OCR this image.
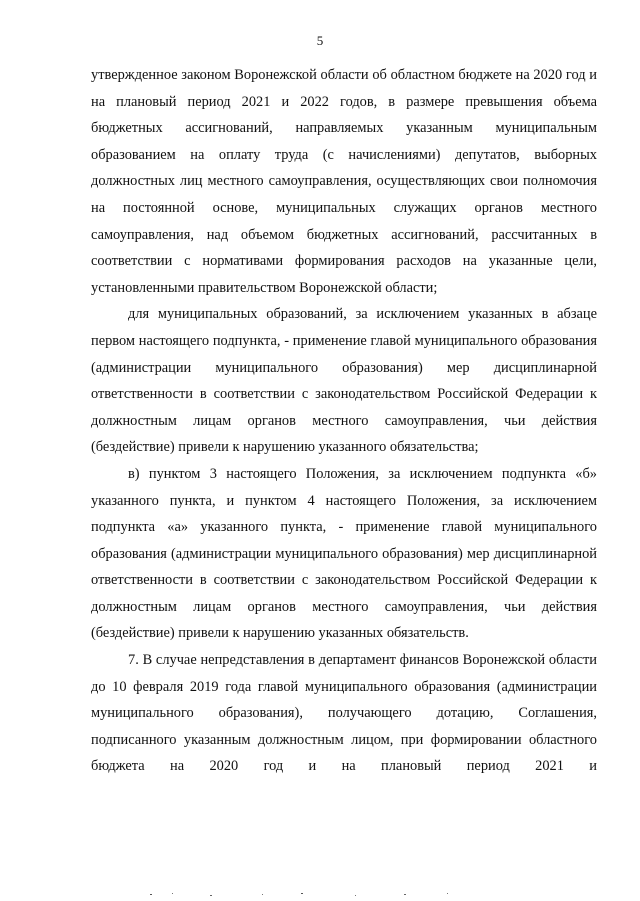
5

утвержденное законом Воронежской области об областном бюджете на 2020 год и на плановый период 2021 и 2022 годов, в размере превышения объема бюджетных ассигнований, направляемых указанным муниципальным образованием на оплату труда (с начислениями) депутатов, выборных должностных лиц местного самоуправления, осуществляющих свои полномочия на постоянной основе, муниципальных служащих органов местного самоуправления, над объемом бюджетных ассигнований, рассчитанных в соответствии с нормативами формирования расходов на указанные цели, установленными правительством Воронежской области;

для муниципальных образований, за исключением указанных в абзаце первом настоящего подпункта, - применение главой муниципального образования (администрации муниципального образования) мер дисциплинарной ответственности в соответствии с законодательством Российской Федерации к должностным лицам органов местного самоуправления, чьи действия (бездействие) привели к нарушению указанного обязательства;

в) пунктом 3 настоящего Положения, за исключением подпункта «б» указанного пункта, и пунктом 4 настоящего Положения, за исключением подпункта «а» указанного пункта, - применение главой муниципального образования (администрации муниципального образования) мер дисциплинарной ответственности в соответствии с законодательством Российской Федерации к должностным лицам органов местного самоуправления, чьи действия (бездействие) привели к нарушению указанных обязательств.

7. В случае непредставления в департамент финансов Воронежской области до 10 февраля 2019 года главой муниципального образования (администрации муниципального образования), получающего дотацию, Соглашения, подписанного указанным должностным лицом, при формировании областного бюджета на 2020 год и на плановый период 2021 и
